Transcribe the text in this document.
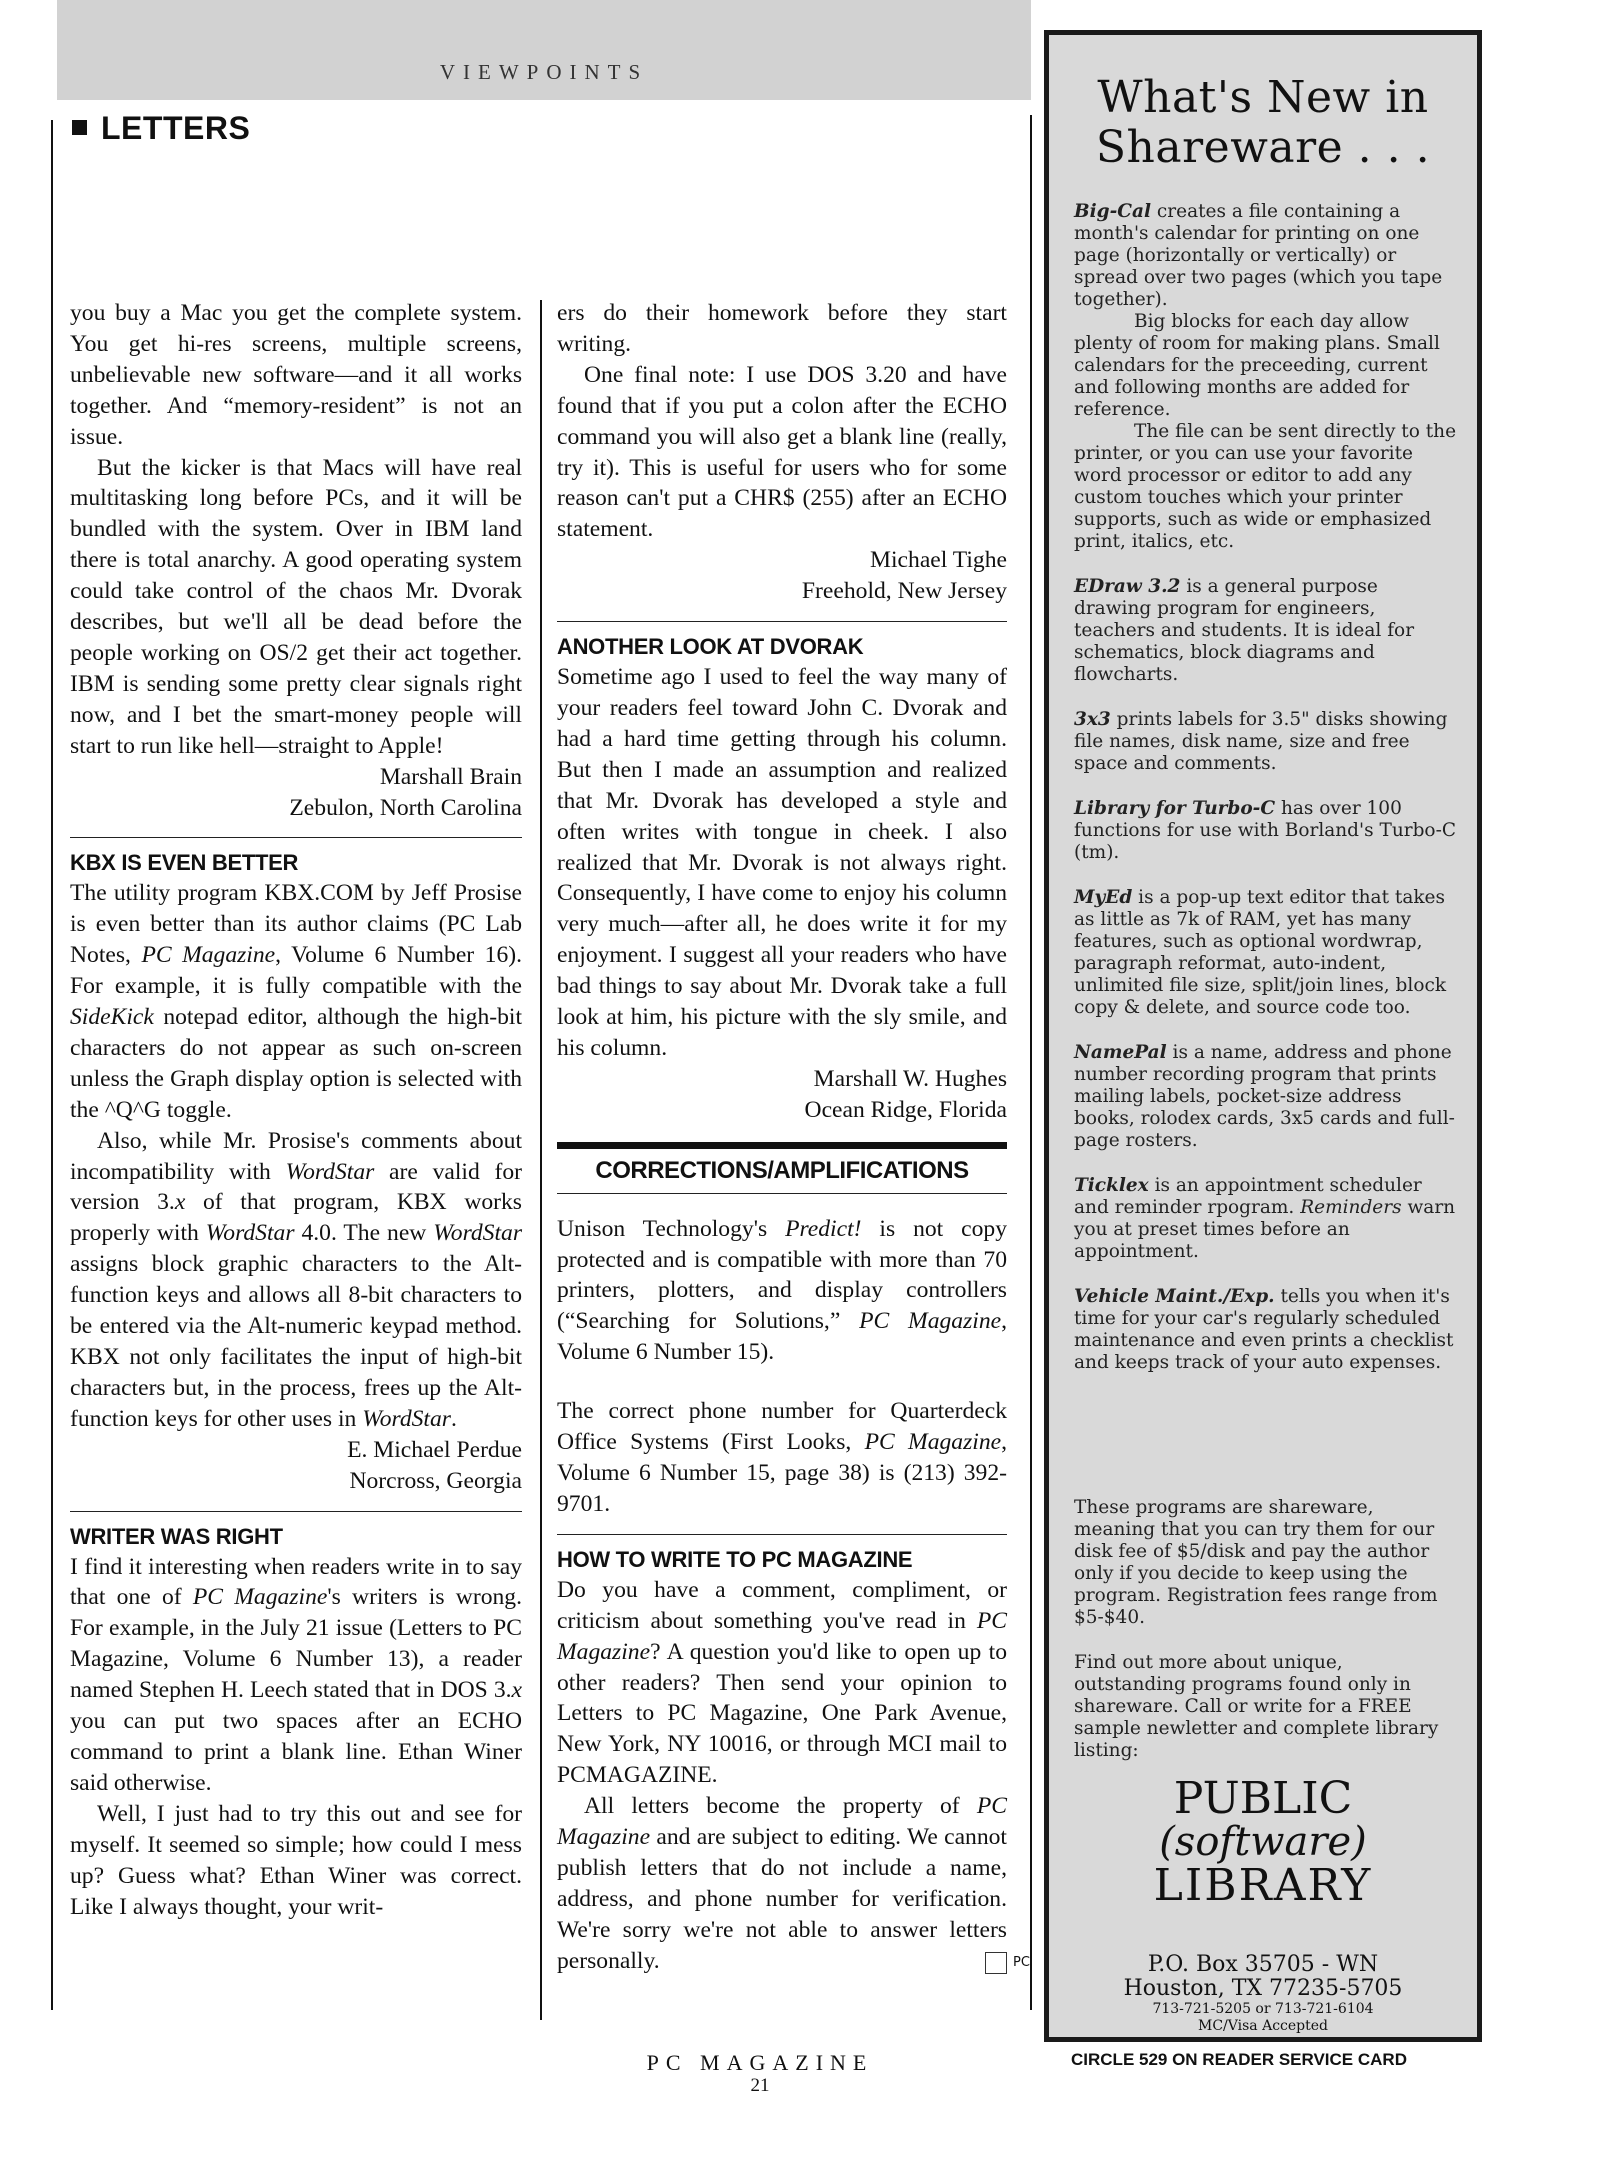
VIEWPOINTS
LETTERS

you buy a Mac you get the complete system. You get hi-res screens, multiple screens, unbelievable new software—and it all works together. And “memory-resident” is not an issue.

But the kicker is that Macs will have real multitasking long before PCs, and it will be bundled with the system. Over in IBM land there is total anarchy. A good operating system could take control of the chaos Mr. Dvorak describes, but we'll all be dead before the people working on OS/2 get their act together. IBM is sending some pretty clear signals right now, and I bet the smart-money people will start to run like hell—straight to Apple!

Marshall Brain
Zebulon, North Carolina
KBX IS EVEN BETTER

The utility program KBX.COM by Jeff Prosise is even better than its author claims (PC Lab Notes, PC Magazine, Volume 6 Number 16). For example, it is fully compatible with the SideKick notepad editor, although the high-bit characters do not appear as such on-screen unless the Graph display option is selected with the ^Q^G toggle.

Also, while Mr. Prosise's comments about incompatibility with WordStar are valid for version 3.x of that program, KBX works properly with WordStar 4.0. The new WordStar assigns block graphic characters to the Alt-function keys and allows all 8-bit characters to be entered via the Alt-numeric keypad method. KBX not only facilitates the input of high-bit characters but, in the process, frees up the Alt-function keys for other uses in WordStar.

E. Michael Perdue
Norcross, Georgia
WRITER WAS RIGHT

I find it interesting when readers write in to say that one of PC Magazine's writers is wrong. For example, in the July 21 issue (Letters to PC Magazine, Volume 6 Number 13), a reader named Stephen H. Leech stated that in DOS 3.x you can put two spaces after an ECHO command to print a blank line. Ethan Winer said otherwise.

Well, I just had to try this out and see for myself. It seemed so simple; how could I mess up? Guess what? Ethan Winer was correct. Like I always thought, your writ-

ers do their homework before they start writing.

One final note: I use DOS 3.20 and have found that if you put a colon after the ECHO command you will also get a blank line (really, try it). This is useful for users who for some reason can't put a CHR$ (255) after an ECHO statement.

Michael Tighe
Freehold, New Jersey
ANOTHER LOOK AT DVORAK

Sometime ago I used to feel the way many of your readers feel toward John C. Dvorak and had a hard time getting through his column. But then I made an assumption and realized that Mr. Dvorak has developed a style and often writes with tongue in cheek. I also realized that Mr. Dvorak is not always right. Consequently, I have come to enjoy his column very much—after all, he does write it for my enjoyment. I suggest all your readers who have bad things to say about Mr. Dvorak take a full look at him, his picture with the sly smile, and his column.

Marshall W. Hughes
Ocean Ridge, Florida
CORRECTIONS/AMPLIFICATIONS

Unison Technology's Predict! is not copy protected and is compatible with more than 70 printers, plotters, and display controllers (“Searching for Solutions,” PC Magazine, Volume 6 Number 15).

The correct phone number for Quarterdeck Office Systems (First Looks, PC Magazine, Volume 6 Number 15, page 38) is (213) 392-9701.

HOW TO WRITE TO PC MAGAZINE

Do you have a comment, compliment, or criticism about something you've read in PC Magazine? A question you'd like to open up to other readers? Then send your opinion to Letters to PC Magazine, One Park Avenue, New York, NY 10016, or through MCI mail to PCMAGAZINE.

All letters become the property of PC Magazine and are subject to editing. We cannot publish letters that do not include a name, address, and phone number for verification. We're sorry we're not able to answer letters personally.	PC

What's New in
Shareware . . .

Big-Cal creates a file containing a month's calendar for printing on one page (horizontally or vertically) or spread over two pages (which you tape together).

Big blocks for each day allow plenty of room for making plans. Small calendars for the preceeding, current and following months are added for reference.

The file can be sent directly to the printer, or you can use your favorite word processor or editor to add any custom touches which your printer supports, such as wide or emphasized print, italics, etc.

EDraw 3.2 is a general purpose drawing program for engineers, teachers and students. It is ideal for schematics, block diagrams and flowcharts.

3x3 prints labels for 3.5" disks showing file names, disk name, size and free space and comments.

Library for Turbo-C has over 100 functions for use with Borland's Turbo-C (tm).

MyEd is a pop-up text editor that takes as little as 7k of RAM, yet has many features, such as optional wordwrap, paragraph reformat, auto-indent, unlimited file size, split/join lines, block copy & delete, and source code too.

NamePal is a name, address and phone number recording program that prints mailing labels, pocket-size address books, rolodex cards, 3x5 cards and full-page rosters.

Ticklex is an appointment scheduler and reminder rpogram. Reminders warn you at preset times before an appointment.

Vehicle Maint./Exp. tells you when it's time for your car's regularly scheduled maintenance and even prints a checklist and keeps track of your auto expenses.

These programs are shareware, meaning that you can try them for our disk fee of $5/disk and pay the author only if you decide to keep using the program. Registration fees range from $5-$40.

Find out more about unique, outstanding programs found only in shareware. Call or write for a FREE sample newletter and complete library listing:

PUBLIC
(software)
LIBRARY
P.O. Box 35705 - WN
Houston, TX 77235-5705
713-721-5205 or 713-721-6104
MC/Visa Accepted
PC MAGAZINE
21
CIRCLE 529 ON READER SERVICE CARD
